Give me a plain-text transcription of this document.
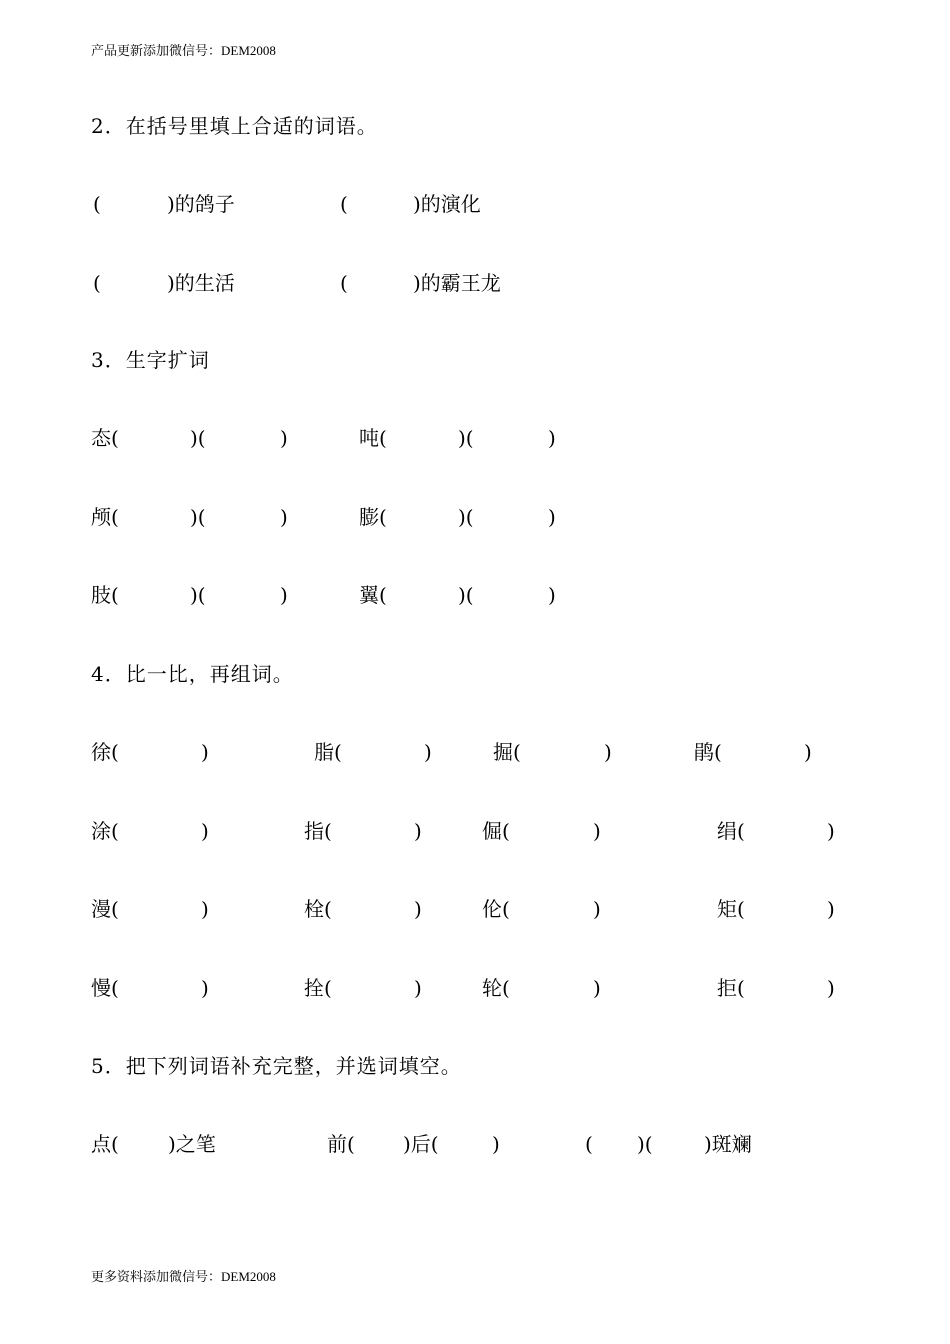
产品更新添加微信号：DEM2008
更多资料添加微信号：DEM2008
2．在括号里填上合适的词语。
(	)的鸽子	(	)的演化
(	)的生活	(	)的霸王龙
3．生字扩词
态(	)(	)	吨(	)(	)
颅(	)(	)	膨(	)(	)
肢(	)(	)	翼(	)(	)
4．比一比，再组词。
徐(	)	脂(	)	掘(	)	鹃(	)
涂(	)	指(	)	倔(	)	绢(	)
漫(	)	栓(	)	伦(	)	矩(	)
慢(	)	拴(	)	轮(	)	拒(	)
5．把下列词语补充完整，并选词填空。
点( )之笔	前( )后(	)	( )(	)斑斓
